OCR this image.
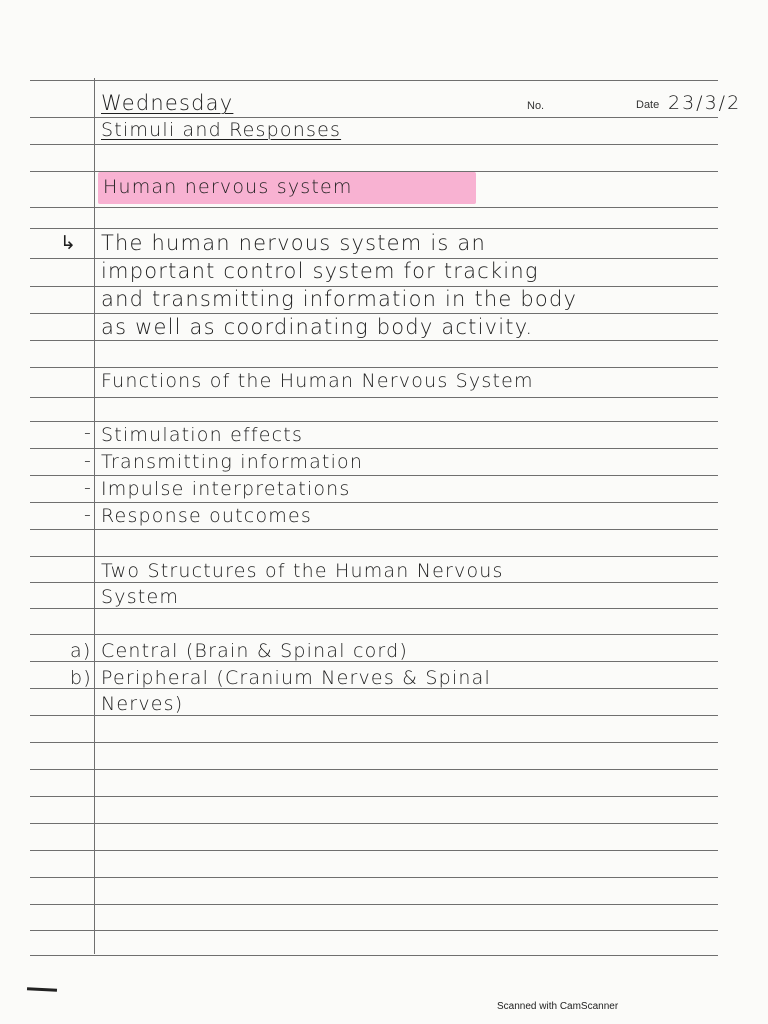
No.	Date 23/3/2
Wednesday
Stimuli and Responses
Human nervous system
↳ The human nervous system is an
important control system for tracking
and transmitting information in the body
as well as coordinating body activity.
Functions of the Human Nervous System
- Stimulation effects
- Transmitting information
- Impulse interpretations
- Response outcomes
Two Structures of the Human Nervous
System
a) Central (Brain & Spinal cord)
b) Peripheral (Cranium Nerves & Spinal
Nerves)
Scanned with CamScanner
